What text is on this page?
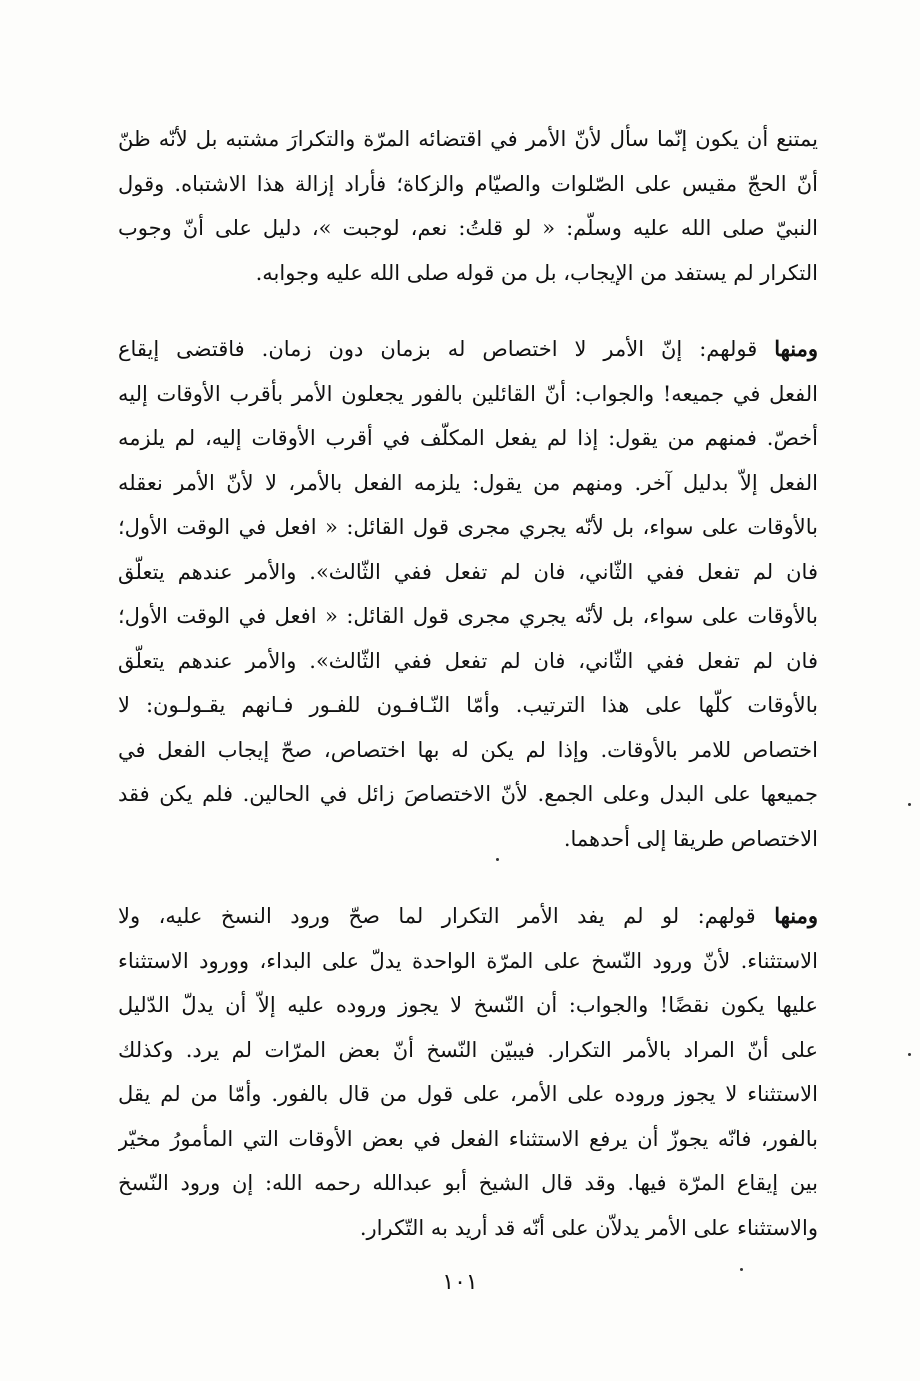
يمتنع أن يكون إنّما سأل لأنّ الأمر في اقتضائه المرّة والتكرارَ مشتبه بل لأنّه ظنّ
أنّ الحجّ مقيس على الصّلوات والصيّام والزكاة؛ فأراد إزالة هذا الاشتباه. وقول
النبيّ صلى الله عليه وسلّم: « لو قلتُ: نعم، لوجبت »، دليل على أنّ وجوب
التكرار لم يستفد من الإيجاب، بل من قوله صلى الله عليه وجوابه.
ومنها قولهم: إنّ الأمر لا اختصاص له بزمان دون زمان. فاقتضى إيقاع
الفعل في جميعه! والجواب: أنّ القائلين بالفور يجعلون الأمر بأقرب الأوقات إليه
أخصّ. فمنهم من يقول: إذا لم يفعل المكلّف في أقرب الأوقات إليه، لم يلزمه
الفعل إلاّ بدليل آخر. ومنهم من يقول: يلزمه الفعل بالأمر، لا لأنّ الأمر نعقله
بالأوقات على سواء، بل لأنّه يجري مجرى قول القائل: « افعل في الوقت الأول؛
فان لم تفعل ففي الثّاني، فان لم تفعل ففي الثّالث». والأمر عندهم يتعلّق
بالأوقات على سواء، بل لأنّه يجري مجرى قول القائل: « افعل في الوقت الأول؛
فان لم تفعل ففي الثّاني، فان لم تفعل ففي الثّالث». والأمر عندهم يتعلّق
بالأوقات كلّها على هذا الترتيب. وأمّا النّـافـون للفـور فـانهم يقـولـون: لا
اختصاص للامر بالأوقات. وإذا لم يكن له بها اختصاص، صحّ إيجاب الفعل في
جميعها على البدل وعلى الجمع. لأنّ الاختصاصَ زائل في الحالين. فلم يكن فقد
الاختصاص طريقا إلى أحدهما.
ومنها قولهم: لو لم يفد الأمر التكرار لما صحّ ورود النسخ عليه، ولا
الاستثناء. لأنّ ورود النّسخ على المرّة الواحدة يدلّ على البداء، وورود الاستثناء
عليها يكون نقضًا! والجواب: أن النّسخ لا يجوز وروده عليه إلاّ أن يدلّ الدّليل
على أنّ المراد بالأمر التكرار. فيبيّن النّسخ أنّ بعض المرّات لم يرد. وكذلك
الاستثناء لا يجوز وروده على الأمر، على قول من قال بالفور. وأمّا من لم يقل
بالفور، فانّه يجوزّ أن يرفع الاستثناء الفعل في بعض الأوقات التي المأمورُ مخيّر
بين إيقاع المرّة فيها. وقد قال الشيخ أبو عبدالله رحمه الله: إن ورود النّسخ
والاستثناء على الأمر يدلاّن على أنّه قد أريد به التّكرار.
١٠١
